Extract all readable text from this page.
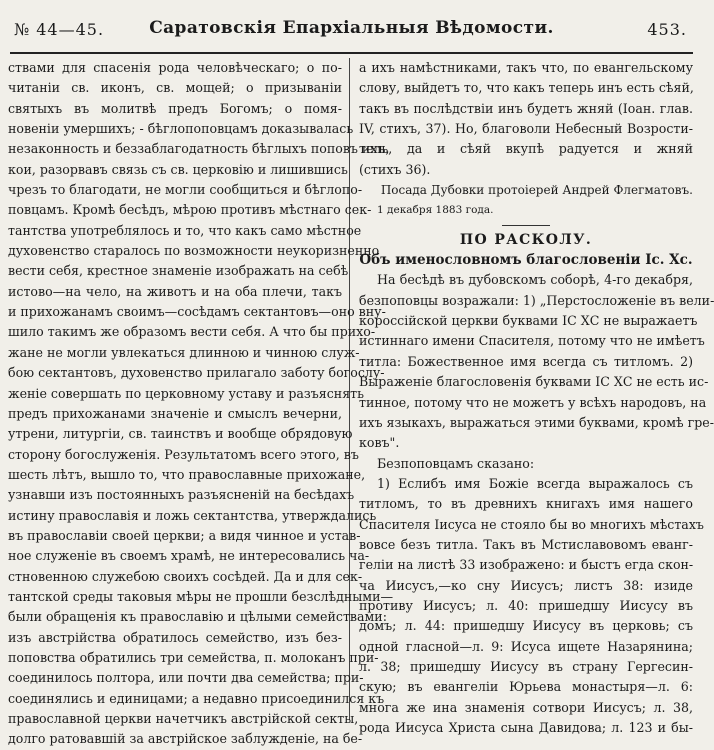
№ 44—45.	Саратовскія Епархіальныя Вѣдомости.	453.
ствами для спасенія рода человѣческаго; о по-
читаніи св. иконъ, св. мощей; о призываніи
святыхъ въ молитвѣ предъ Богомъ; о помя-
новеніи умершихъ; - бѣглопоповцамъ доказывалась
незаконность и беззаблагодатность бѣглыхъ поповъ ихъ,
кои, разорвавъ связь съ св. церковію и лишившись
чрезъ то благодати, не могли сообщиться и бѣглопо-
повцамъ. Кромѣ бесѣдъ, мѣрою противъ мѣстнаго сек-
тантства употреблялось и то, что какъ само мѣстное
духовенство старалось по возможности неукоризненно
вести себя, крестное знаменіе изображать на себѣ
истово—на чело, на животъ и на оба плечи, такъ
и прихожанамъ своимъ—сосѣдамъ сектантовъ—оно вну-
шило такимъ же образомъ вести себя. А что бы прихо-
жане не могли увлекаться длинною и чинною служ-
бою сектантовъ, духовенство прилагало заботу богослу-
женіе совершать по церковному уставу и разъяснять
предъ прихожанами значеніе и смыслъ вечерни,
утрени, литургіи, св. таинствъ и вообще обрядовую
сторону богослуженія. Результатомъ всего этого, въ
шесть лѣтъ, вышло то, что православные прихожане,
узнавши изъ постоянныхъ разъясненій на бесѣдахъ
истину православія и ложь сектантства, утверждались
въ православіи своей церкви; а видя чинное и устав-
ное служеніе въ своемъ храмѣ, не интересовались ча-
стновенною служебою своихъ сосѣдей. Да и для сек-
тантской среды таковыя мѣры не прошли безслѣдными—
были обращенія къ православію и цѣлыми семействами:
изъ австрійства обратилось семейство, изъ без-
поповства обратились три семейства, п. молоканъ при-
соединилось полтора, или почти два семейства; при-
соединялись и единицами; а недавно присоединился къ
православной церкви начетчикъ австрійской секты,
долго ратовавшій за австрійское заблужденіе, на бе-
а ихъ намѣстниками, такъ что, по евангельскому
слову, выйдетъ то, что какъ теперь инъ есть сѣяй,
такъ въ послѣдствіи инъ будетъ жняй (Іоан. глав.
IV, стихъ, 37). Но, благоволи Небесный Возрости-
тель, да и сѣяй вкупѣ радуется и жняй
(стихъ 36).
Посада Дубовки протоіерей Андрей Флегматовъ.
1 декабря 1883 года.
ПО РАСКОЛУ.
Объ именословномъ благословеніи Іс. Хс.
На бесѣдѣ въ дубовскомъ соборѣ, 4-го декабря,
безпоповцы возражали: 1) „Перстосложеніе въ вели-
короссійской церкви буквами ІС ХС не выражаетъ
истиннаго имени Спасителя, потому что не имѣетъ
титла: Божественное имя всегда съ титломъ. 2)
Выраженіе благословенія буквами ІС ХС не есть ис-
тинное, потому что не можетъ у всѣхъ народовъ, на
ихъ языкахъ, выражаться этими буквами, кромѣ гре-
ковъ".
Безпоповцамъ сказано:
1) Еслибъ имя Божіе всегда выражалось съ
титломъ, то въ древнихъ книгахъ имя нашего
Спасителя Іисуса не стояло бы во многихъ мѣстахъ
вовсе безъ титла. Такъ въ Мстиславовомъ еванг-
геліи на листѣ 33 изображено: и быстъ егда скон-
ча Иисусъ,—ко сну Иисусъ; листъ 38: изиде
противу Иисусъ; л. 40: пришедшу Иисусу въ
домъ; л. 44: пришедшу Иисусу въ церковь; съ
одной гласной—л. 9: Исуса ищете Назарянина;
л. 38; пришедшу Иисусу въ страну Гергесин-
скую; въ евангеліи Юрьева монастыря—л. 6:
многа же ина знаменія сотвори Иисусъ; л. 38,
рода Иисуса Христа сына Давидова; л. 123 и бы-
